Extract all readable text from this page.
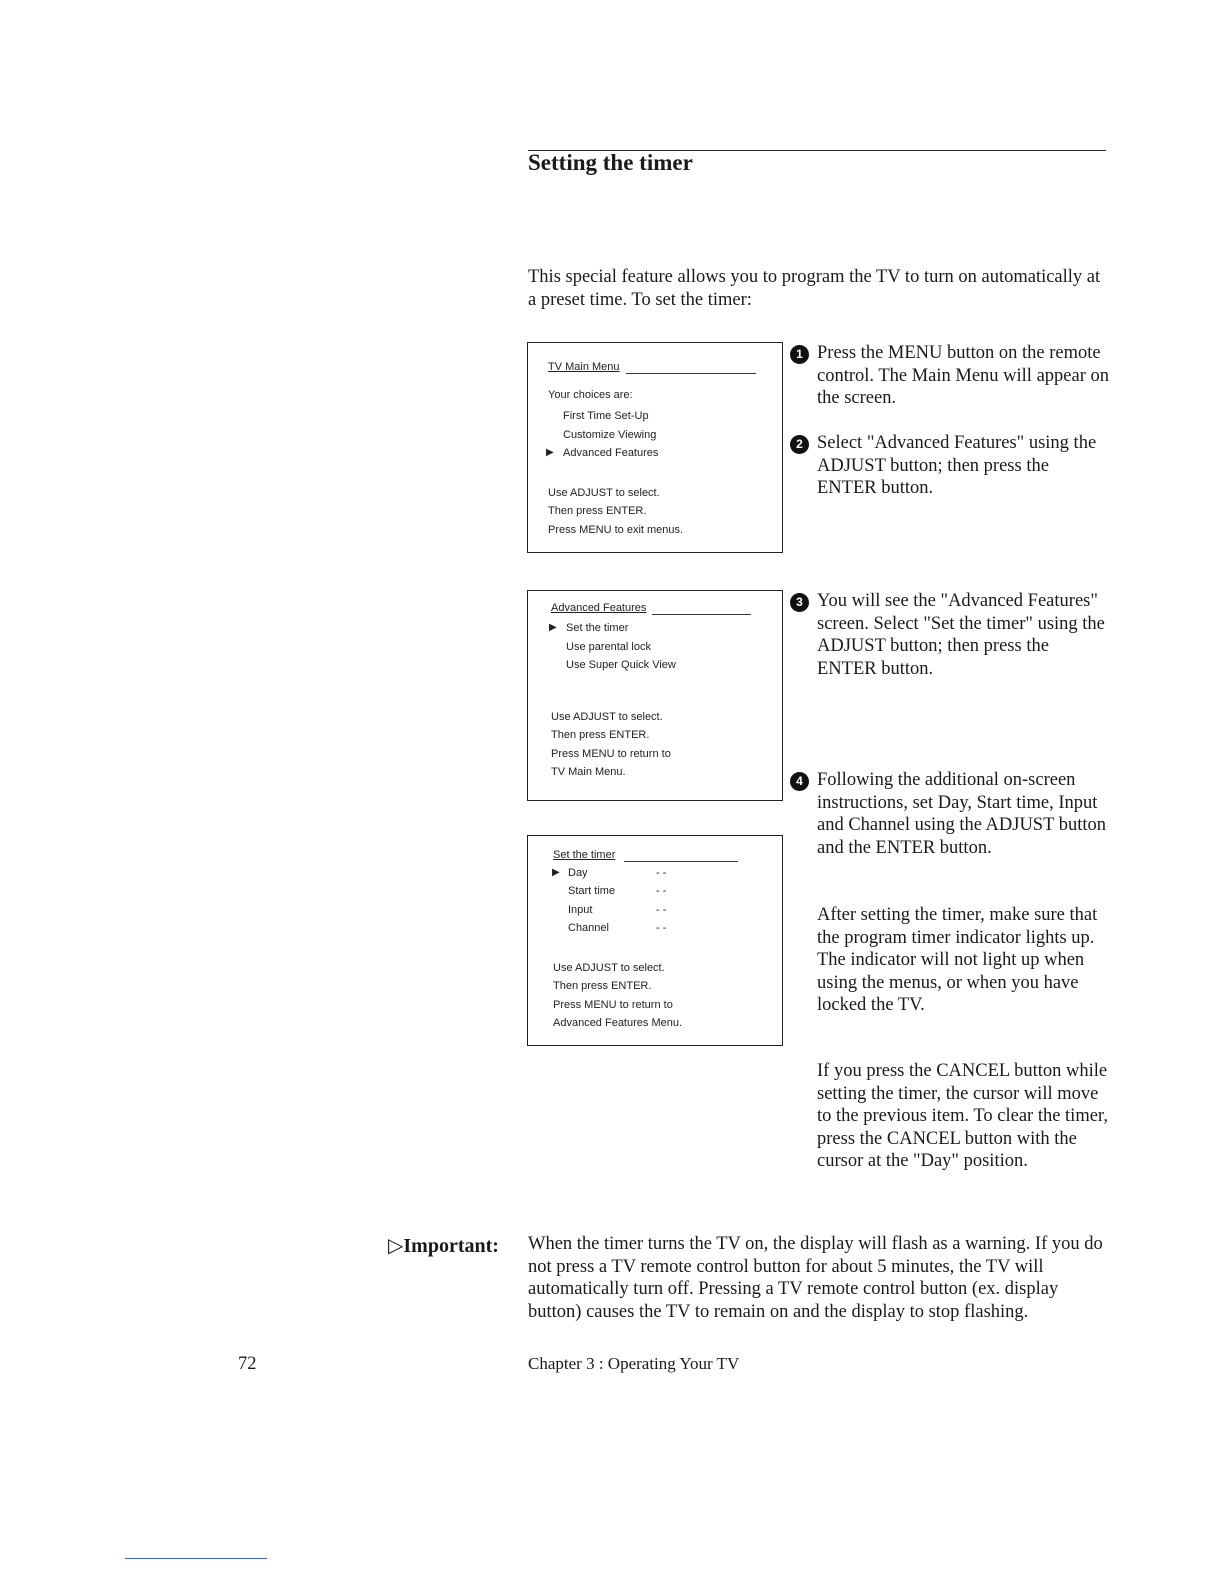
Setting the timer

This special feature allows you to program the TV to turn on automatically at a preset time. To set the timer:

TV Main Menu
Your choices are:
First Time Set-Up
Customize Viewing
▶ Advanced Features
Use ADJUST to select.
Then press ENTER.
Press MENU to exit menus.
Advanced Features
▶ Set the timer
Use parental lock
Use Super Quick View
Use ADJUST to select.
Then press ENTER.
Press MENU to return to
TV Main Menu.
Set the timer
▶ Day	- -
Start time	- -
Input	- -
Channel	- -
Use ADJUST to select.
Then press ENTER.
Press MENU to return to
Advanced Features Menu.
1 Press the MENU button on the remote control. The Main Menu will appear on the screen.

2 Select "Advanced Features" using the ADJUST button; then press the ENTER button.

3 You will see the "Advanced Features" screen. Select "Set the timer" using the ADJUST button; then press the ENTER button.

4 Following the additional on-screen instructions, set Day, Start time, Input and Channel using the ADJUST button and the ENTER button.

After setting the timer, make sure that the program timer indicator lights up. The indicator will not light up when using the menus, or when you have locked the TV.

If you press the CANCEL button while setting the timer, the cursor will move to the previous item. To clear the timer, press the CANCEL button with the cursor at the "Day" position.

▷Important: When the timer turns the TV on, the display will flash as a warning. If you do not press a TV remote control button for about 5 minutes, the TV will automatically turn off. Pressing a TV remote control button (ex. display button) causes the TV to remain on and the display to stop flashing.

72	Chapter 3 : Operating Your TV
